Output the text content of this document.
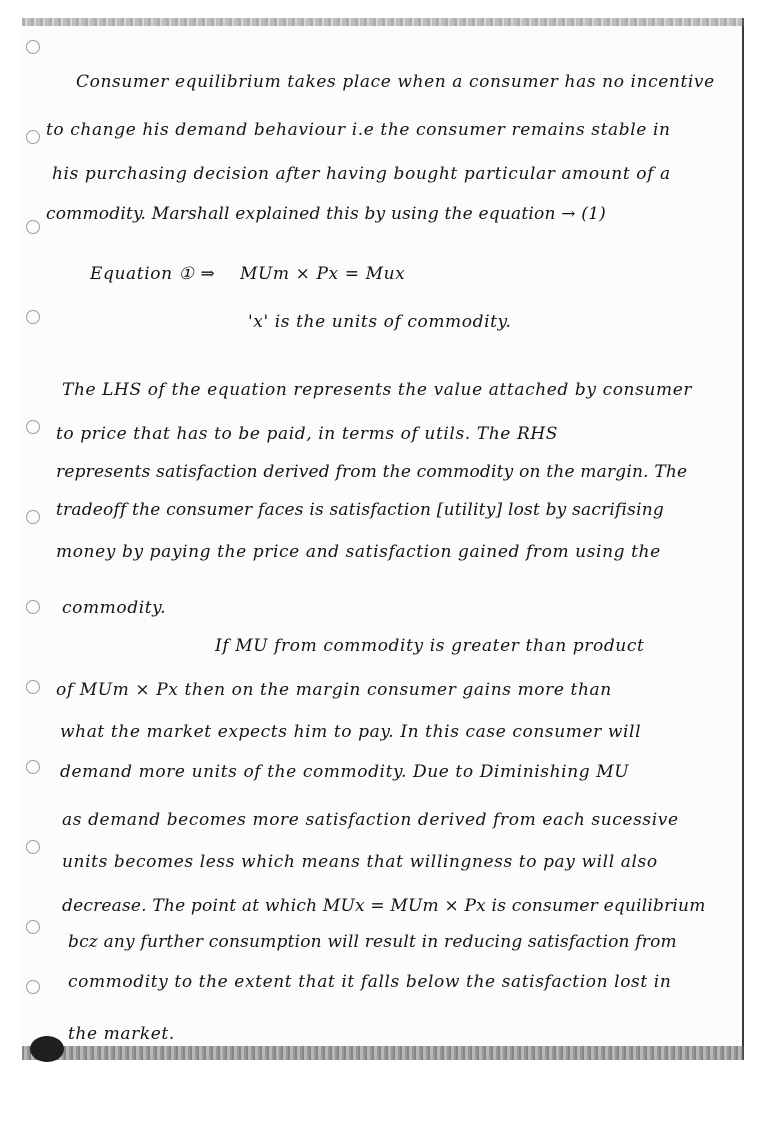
Consumer equilibrium takes place when a consumer has no incentive

to change his demand behaviour i.e the consumer remains stable in

his purchasing decision after having bought particular amount of a

commodity. Marshall explained this by using the equation → (1)

Equation ① ⇒ MUm × Px = Mux

'x' is the units of commodity.

The LHS of the equation represents the value attached by consumer

to price that has to be paid, in terms of utils. The RHS

represents satisfaction derived from the commodity on the margin. The

tradeoff the consumer faces is satisfaction [utility] lost by sacrifising

money by paying the price and satisfaction gained from using the

commodity.

If MU from commodity is greater than product

of MUm × Px then on the margin consumer gains more than

what the market expects him to pay. In this case consumer will

demand more units of the commodity. Due to Diminishing MU

as demand becomes more satisfaction derived from each sucessive

units becomes less which means that willingness to pay will also

decrease. The point at which MUx = MUm × Px is consumer equilibrium

bcz any further consumption will result in reducing satisfaction from

commodity to the extent that it falls below the satisfaction lost in

the market.
